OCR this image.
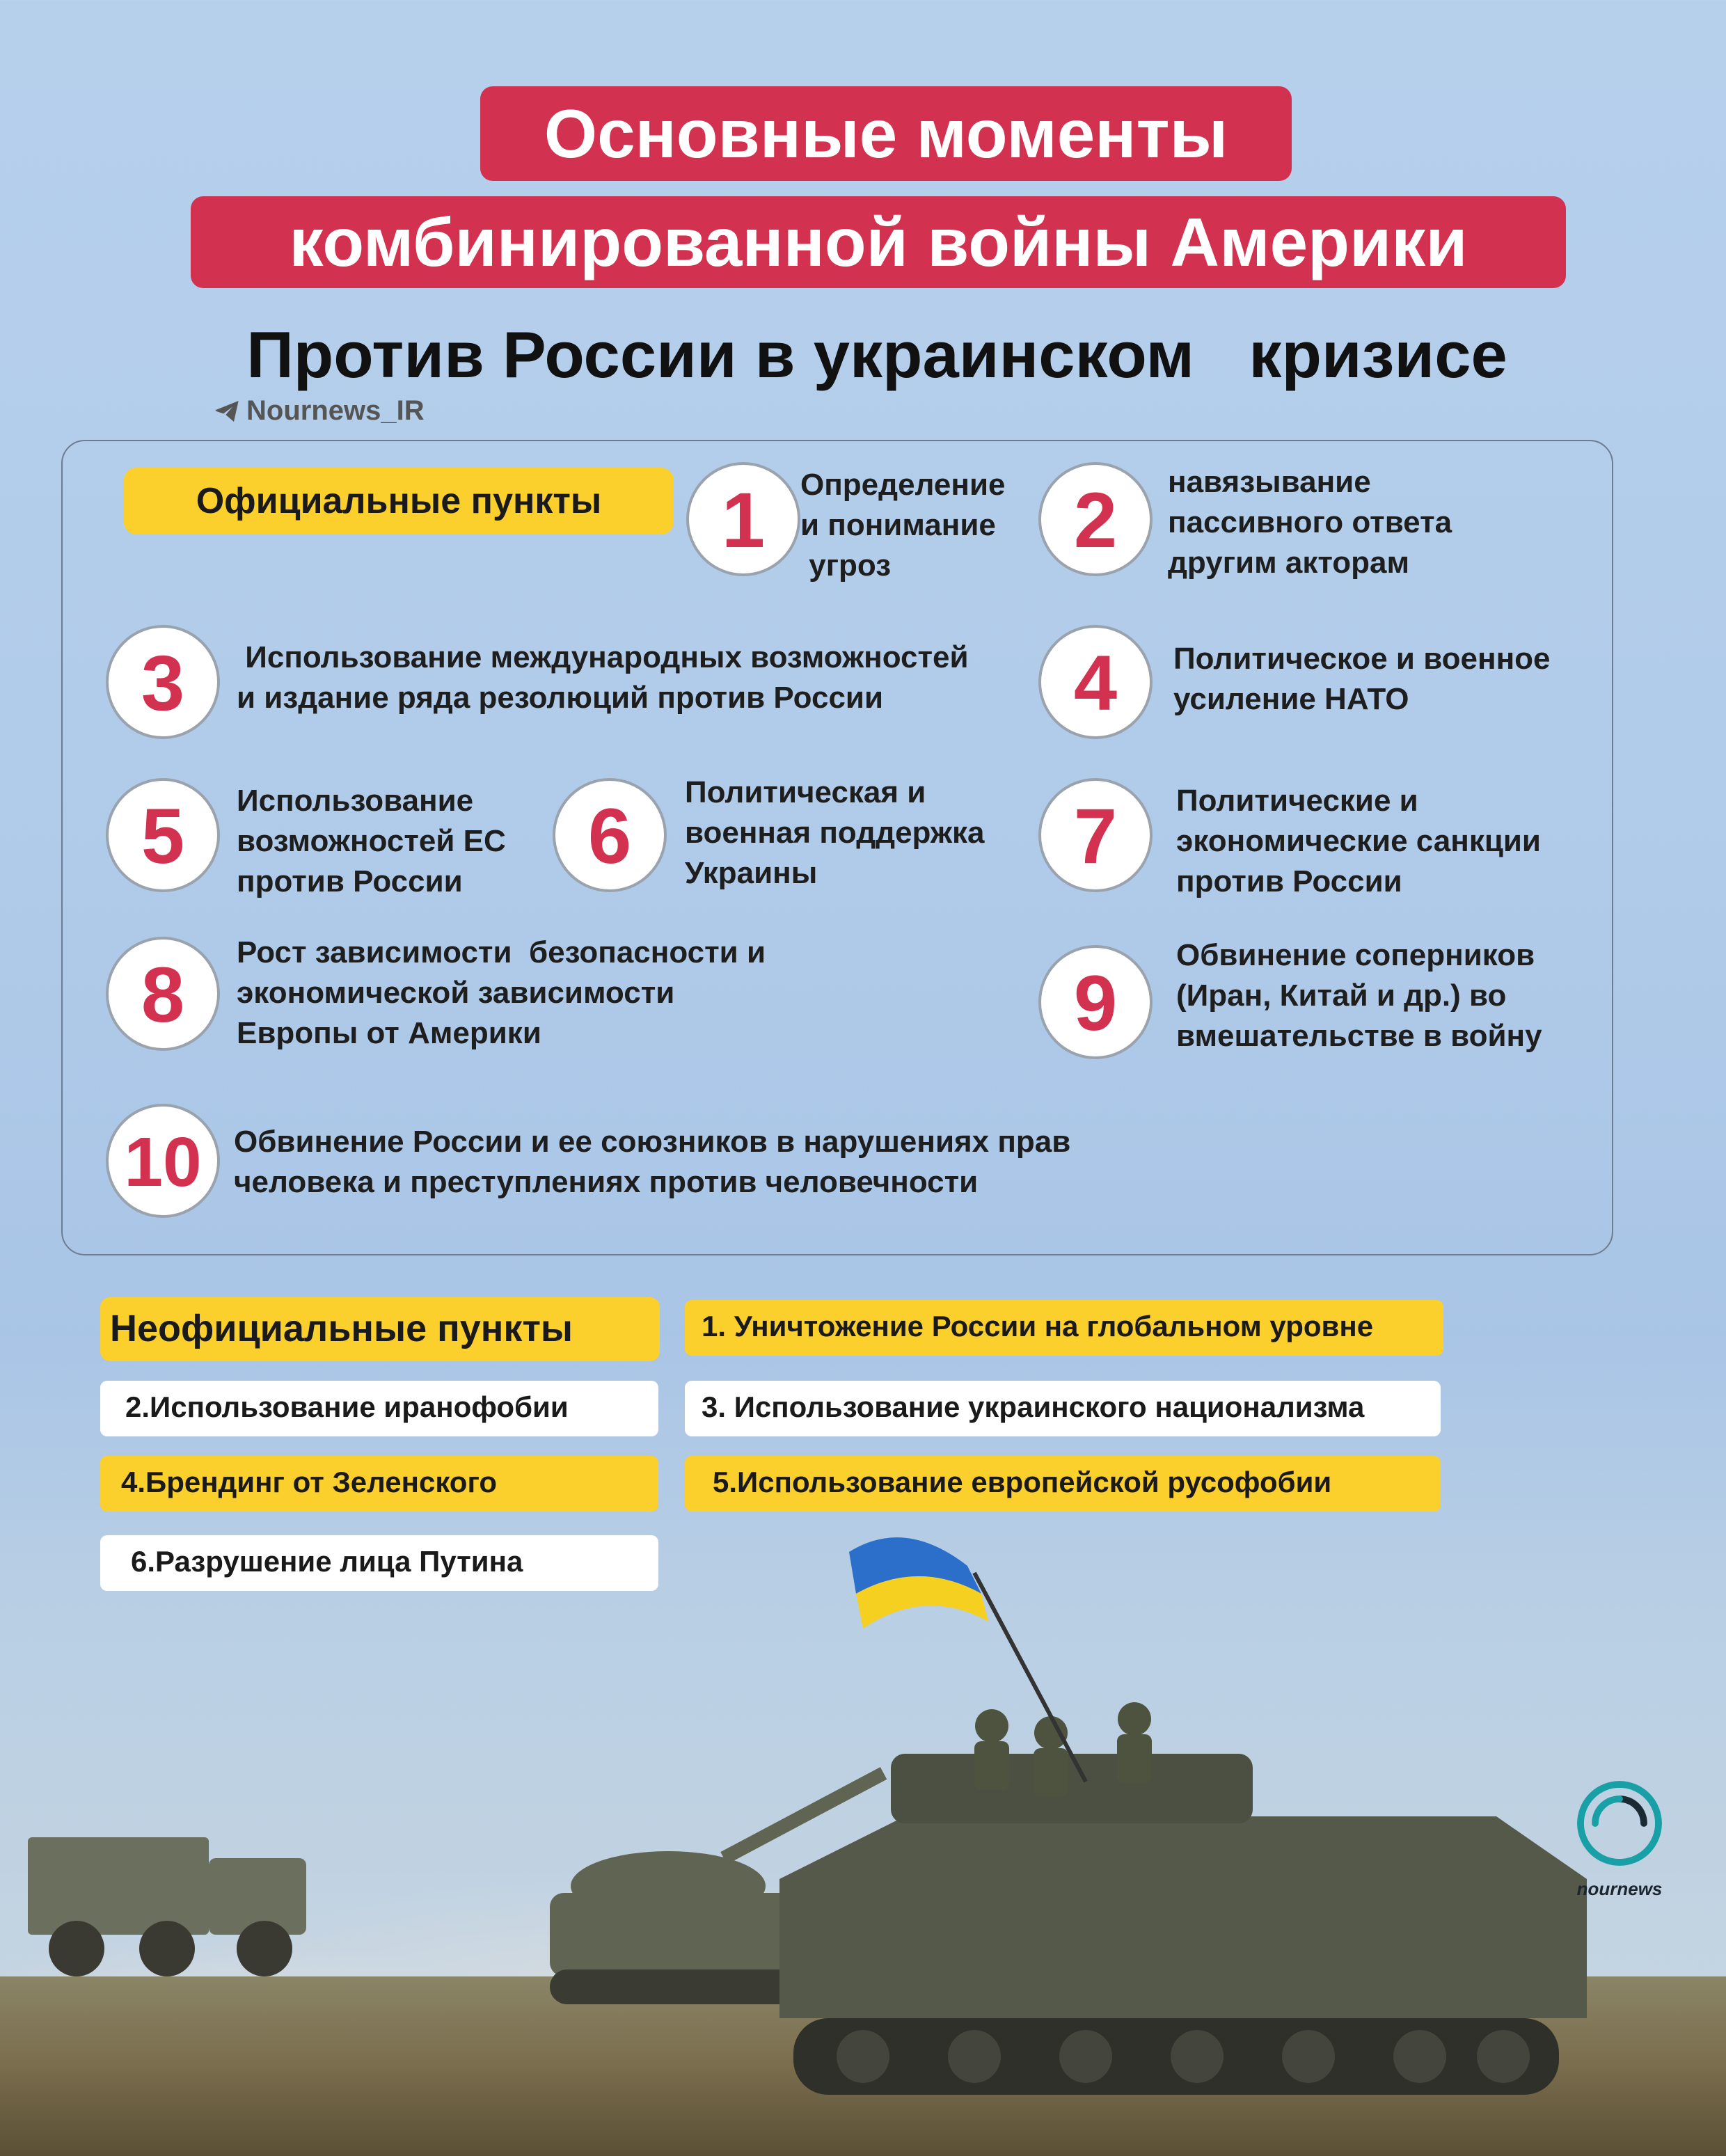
Основные моменты
комбинированной войны Америки
Против России в украинском   кризисе
Nournews_IR
Официальные пункты	1	Определение
и понимание
угроз
2	навязывание
пассивного ответа
другим акторам
3	Использование международных возможностей
и издание ряда резолюций против России	4	Политическое и военное
усиление НАТО
5	Использование
возможностей ЕС
против России
6
Политическая и
военная поддержка
Украины	7	Политические и
экономические санкции
против России
8	Рост зависимости  безопасности и
экономической зависимости
Европы от Америки	9
Обвинение соперников
(Иран, Китай и др.) во
вмешательстве в войну
10	Обвинение России и ее союзников в нарушениях прав
человека и преступлениях против человечности
Неофициальные пункты	1. Уничтожение России на глобальном уровне
2.Использование иранофобии	3. Использование украинского национализма
4.Брендинг от Зеленского	5.Использование европейской русофобии
6.Разрушение лица Путина
nournews
